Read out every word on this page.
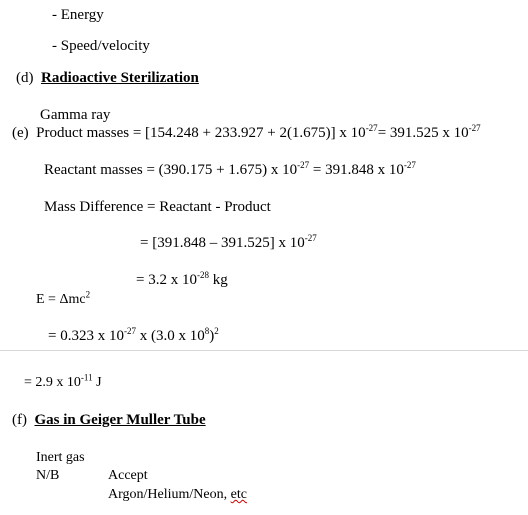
- Energy
- Speed/velocity
(d) Radioactive Sterilization
Gamma ray
(e) Product masses = [154.248 + 233.927 + 2(1.675)] x $10^{-27}= 391.525$ x $10^{-27}$
Reactant masses = (390.175 + 1.675) x $10^{-27} = 391.848$ x $10^{-27}$
Mass Difference = Reactant - Product
= [391.848 – 391.525] x $10^{-27}$
= 3.2 x $10^{-28}$ kg
E = Δmc$^2$
= 0.323 x $10^{-27}$ x (3.0 x $10^8)^2$
= 2.9 x $10^{-11}$ J
(f) Gas in Geiger Muller Tube
Inert gas
N/B	Accept
Argon/Helium/Neon, etc
